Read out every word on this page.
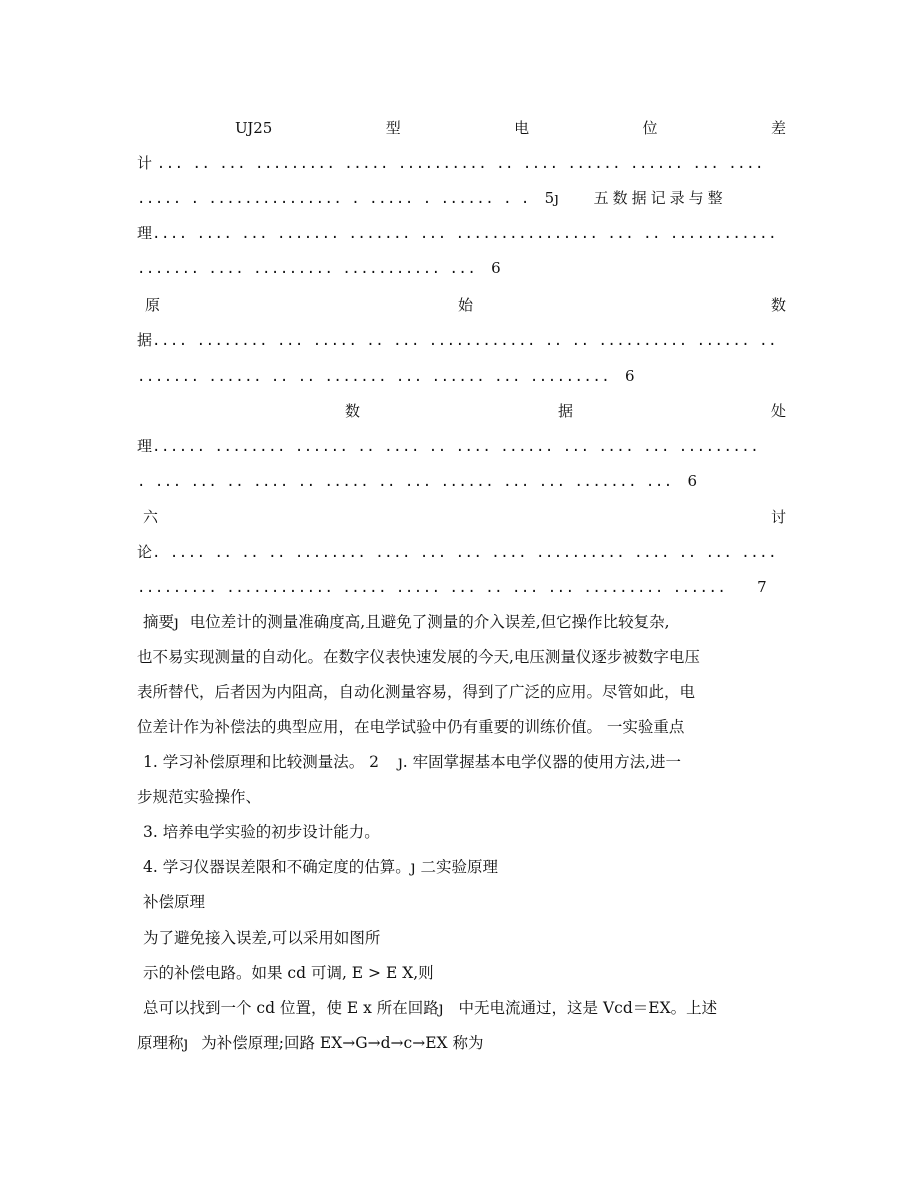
UJ25	型	电	位	差
计 ... .. ... ......... ..... .......... .. .... ...... ...... ... ....
..... . ............... . ..... . ...... . . 5ȷ 五数据记录与整
理.... .... ... ....... ....... ... ................ ... .. ............
....... .... ......... ........... ... 6
原	始	数
据.... ........ ... ..... .. ... ............ .. .. .......... ...... ..
....... ...... .. .. ....... ... ...... ... ......... 6
数	据	处
理...... ........ ...... .. .... .. .... ...... ... .... ... .........
. ... ... .. .... .. ..... .. ... ...... ... ... ....... ... 6
六	讨
论. .... .. .. .. ........ .... ... ... .... .......... .... .. ... ....
......... ............ ..... ..... ... .. ... ... ......... ...... 7
摘要ȷ 电位差计的测量准确度高,且避免了测量的介入误差,但它操作比较复杂,
也不易实现测量的自动化。在数字仪表快速发展的今天,电压测量仪逐步被数字电压
表所替代，后者因为内阻高，自动化测量容易，得到了广泛的应用。尽管如此，电
位差计作为补偿法的典型应用，在电学试验中仍有重要的训练价值。 一实验重点
1. 学习补偿原理和比较测量法。 2 ȷ. 牢固掌握基本电学仪器的使用方法,进一
步规范实验操作、
3. 培养电学实验的初步设计能力。
4. 学习仪器误差限和不确定度的估算。ȷ 二实验原理
补偿原理
为了避免接入误差,可以采用如图所
示的补偿电路。如果 cd 可调, E > E X,则
总可以找到一个 cd 位置，使 E x 所在回路ȷ 中无电流通过，这是 Vcd＝EX。上述
原理称ȷ 为补偿原理;回路 EX→G→d→c→EX 称为
